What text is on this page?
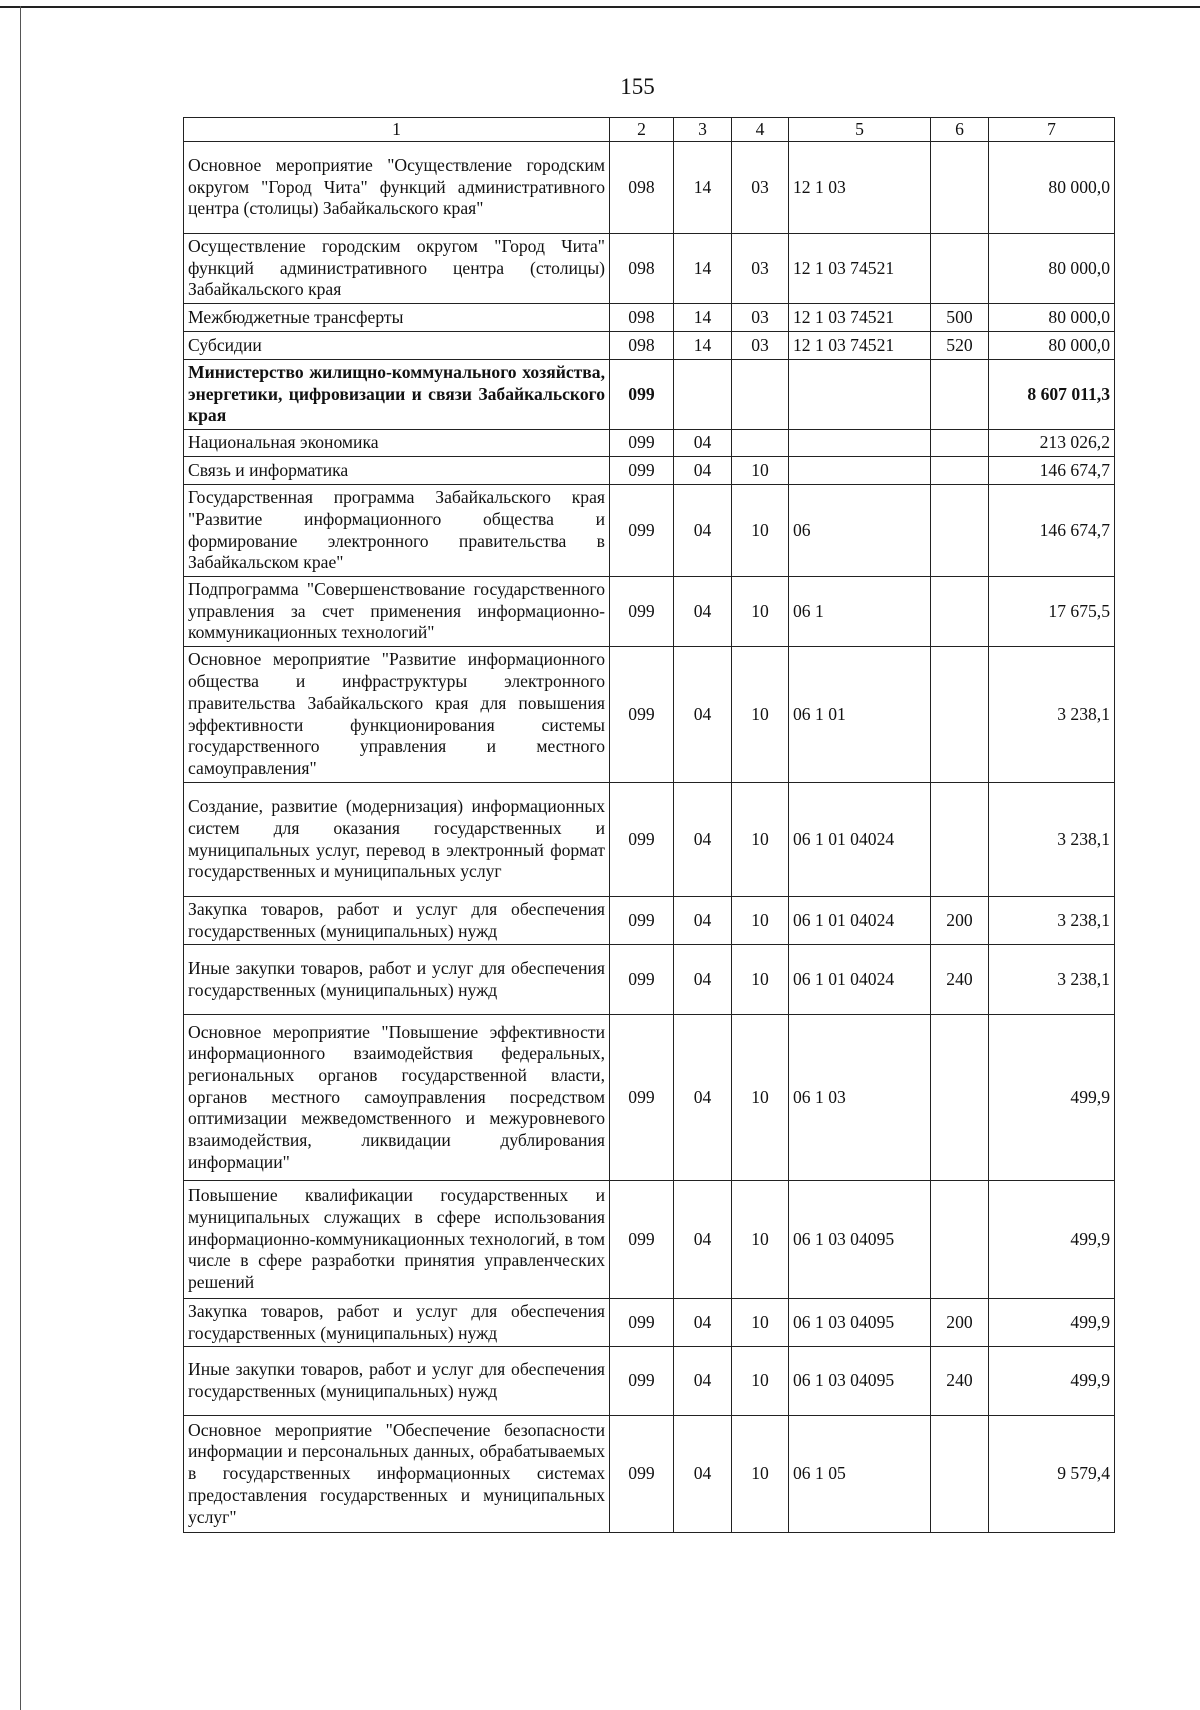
155
1	2	3	4	5	6	7
Основное мероприятие "Осуществление городским округом "Город Чита" функций административного центра (столицы) Забайкальского края"	098	14	03	12 1 03		80 000,0
Осуществление городским округом "Город Чита" функций административного центра (столицы) Забайкальского края	098	14	03	12 1 03 74521		80 000,0
Межбюджетные трансферты	098	14	03	12 1 03 74521	500	80 000,0
Субсидии	098	14	03	12 1 03 74521	520	80 000,0
Министерство жилищно-коммунального хозяйства, энергетики, цифровизации и связи Забайкальского края	099					8 607 011,3
Национальная экономика	099	04				213 026,2
Связь и информатика	099	04	10			146 674,7
Государственная программа Забайкальского края "Развитие информационного общества и формирование электронного правительства в Забайкальском крае"	099	04	10	06		146 674,7
Подпрограмма "Совершенствование государственного управления за счет применения информационно-коммуникационных технологий"	099	04	10	06 1		17 675,5
Основное мероприятие "Развитие информационного общества и инфраструктуры электронного правительства Забайкальского края для повышения эффективности функционирования системы государственного управления и местного самоуправления"	099	04	10	06 1 01		3 238,1
Создание, развитие (модернизация) информационных систем для оказания государственных и муниципальных услуг, перевод в электронный формат государственных и муниципальных услуг	099	04	10	06 1 01 04024		3 238,1
Закупка товаров, работ и услуг для обеспечения государственных (муниципальных) нужд	099	04	10	06 1 01 04024	200	3 238,1
Иные закупки товаров, работ и услуг для обеспечения государственных (муниципальных) нужд	099	04	10	06 1 01 04024	240	3 238,1
Основное мероприятие "Повышение эффективности информационного взаимодействия федеральных, региональных органов государственной власти, органов местного самоуправления посредством оптимизации межведомственного и межуровневого взаимодействия, ликвидации дублирования информации"	099	04	10	06 1 03		499,9
Повышение квалификации государственных и муниципальных служащих в сфере использования информационно-коммуникационных технологий, в том числе в сфере разработки принятия управленческих решений	099	04	10	06 1 03 04095		499,9
Закупка товаров, работ и услуг для обеспечения государственных (муниципальных) нужд	099	04	10	06 1 03 04095	200	499,9
Иные закупки товаров, работ и услуг для обеспечения государственных (муниципальных) нужд	099	04	10	06 1 03 04095	240	499,9
Основное мероприятие "Обеспечение безопасности информации и персональных данных, обрабатываемых в государственных информационных системах предоставления государственных и муниципальных услуг"	099	04	10	06 1 05		9 579,4
